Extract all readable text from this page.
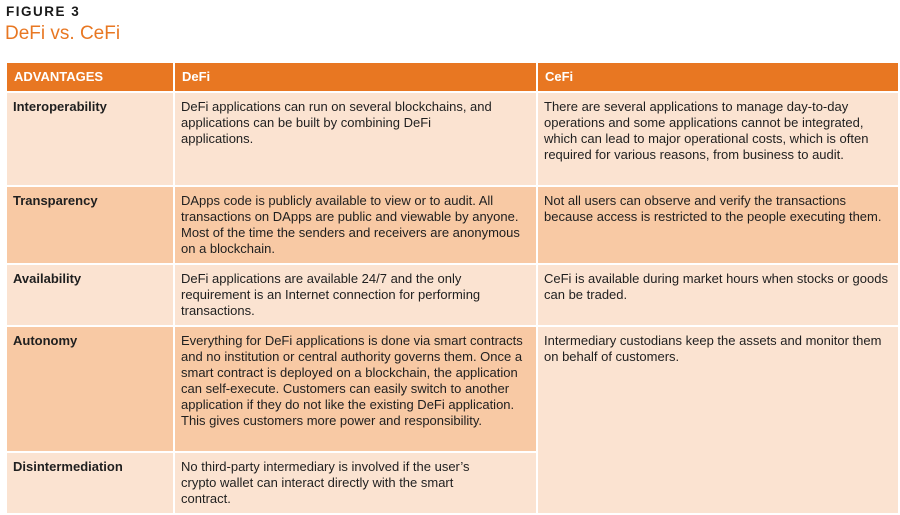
FIGURE 3
DeFi vs. CeFi
ADVANTAGES	DeFi	CeFi
Interoperability	DeFi applications can run on several blockchains, and applications can be built by combining DeFi applications.	There are several applications to manage day-to-day operations and some applications cannot be integrated, which can lead to major operational costs, which is often required for various reasons, from business to audit.
Transparency	DApps code is publicly available to view or to audit. All transactions on DApps are public and viewable by anyone. Most of the time the senders and receivers are anonymous on a blockchain.	Not all users can observe and verify the transactions because access is restricted to the people executing them.
Availability	DeFi applications are available 24/7 and the only requirement is an Internet connection for performing transactions.	CeFi is available during market hours when stocks or goods can be traded.
Autonomy	Everything for DeFi applications is done via smart contracts and no institution or central authority governs them. Once a smart contract is deployed on a blockchain, the application can self-execute. Customers can easily switch to another application if they do not like the existing DeFi application. This gives customers more power and responsibility.	Intermediary custodians keep the assets and monitor them on behalf of customers.
Disintermediation	No third-party intermediary is involved if the user’s crypto wallet can interact directly with the smart contract.	
